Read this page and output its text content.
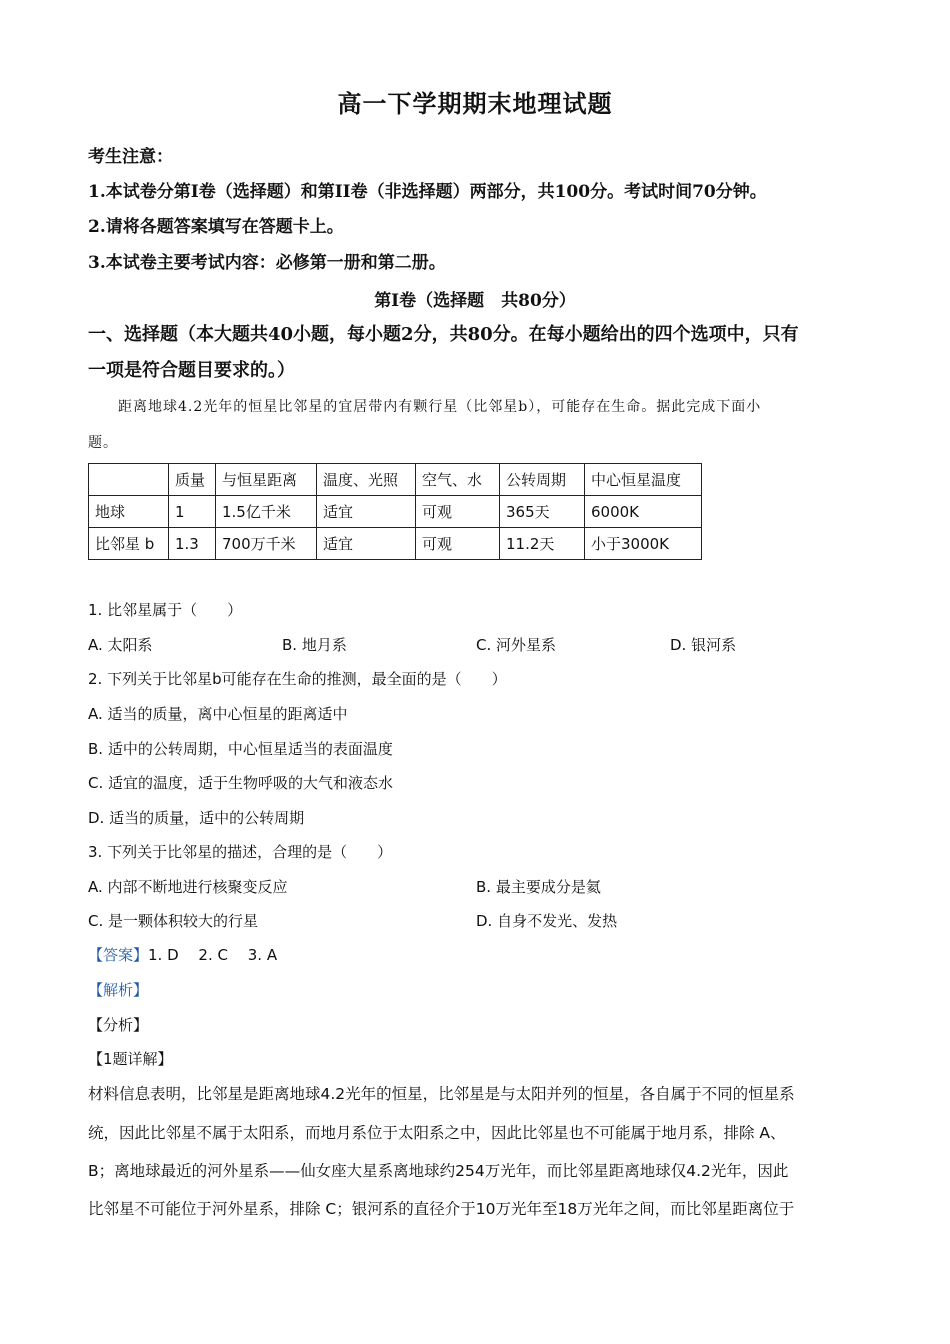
高一下学期期末地理试题
考生注意：
1.本试卷分第Ⅰ卷（选择题）和第II卷（非选择题）两部分，共100分。考试时间70分钟。
2.请将各题答案填写在答题卡上。
3.本试卷主要考试内容：必修第一册和第二册。
第Ⅰ卷（选择题　共80分）
一、选择题（本大题共40小题，每小题2分，共80分。在每小题给出的四个选项中，只有
一项是符合题目要求的。）
距离地球4.2光年的恒星比邻星的宜居带内有颗行星（比邻星b），可能存在生命。据此完成下面小
题。
	质量	与恒星距离	温度、光照	空气、水	公转周期	中心恒星温度
地球	1	1.5亿千米	适宜	可观	365天	6000K
比邻星 b	1.3	700万千米	适宜	可观	11.2天	小于3000K
1. 比邻星属于（　　）
A. 太阳系	B. 地月系	C. 河外星系	D. 银河系
2. 下列关于比邻星b可能存在生命的推测，最全面的是（　　）
A. 适当的质量，离中心恒星的距离适中
B. 适中的公转周期，中心恒星适当的表面温度
C. 适宜的温度，适于生物呼吸的大气和液态水
D. 适当的质量，适中的公转周期
3. 下列关于比邻星的描述，合理的是（　　）
A. 内部不断地进行核聚变反应	B. 最主要成分是氦
C. 是一颗体积较大的行星	D. 自身不发光、发热
【答案】1. D　 2. C　 3. A
【解析】
【分析】
【1题详解】
材料信息表明，比邻星是距离地球4.2光年的恒星，比邻星是与太阳并列的恒星，各自属于不同的恒星系
统，因此比邻星不属于太阳系，而地月系位于太阳系之中，因此比邻星也不可能属于地月系，排除 A、
B；离地球最近的河外星系——仙女座大星系离地球约254万光年，而比邻星距离地球仅4.2光年，因此
比邻星不可能位于河外星系，排除 C；银河系的直径介于10万光年至18万光年之间，而比邻星距离位于
